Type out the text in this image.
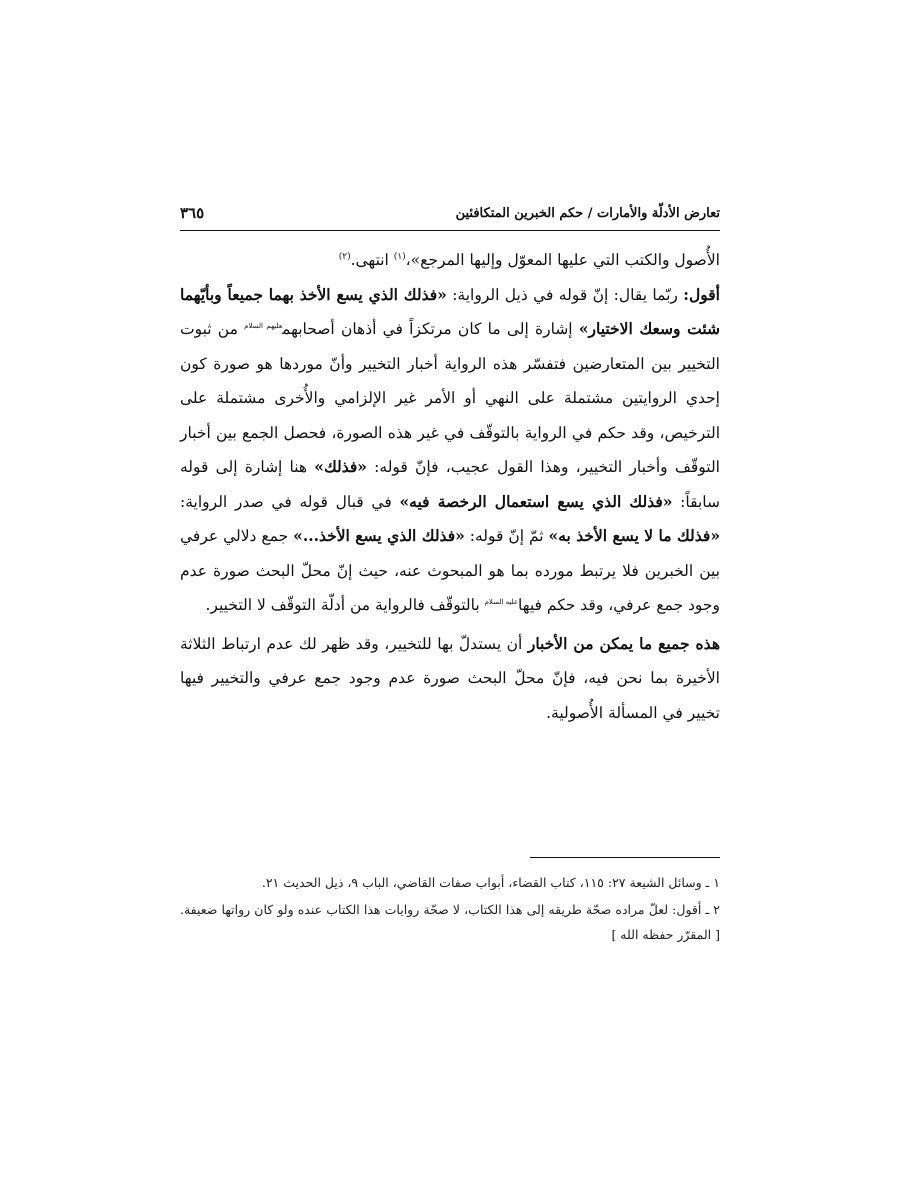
تعارض الأدلّة والأمارات / حكم الخبرين المتكافئين
٣٦٥

الأُصول والكتب التي عليها المعوّل وإليها المرجع»،$^{(١)}$ انتهى.$^{(٢)}$

أقول: ربّما يقال: إنّ قوله في ذيل الرواية: «فذلك الذي يسع الأخذ بهما جميعاً وبأيّهما شئت وسعك الاختيار» إشارة إلى ما كان مرتكزاً في أذهان أصحابهم$^{عليهم السلام}$ من ثبوت التخيير بين المتعارضين فتفسّر هذه الرواية أخبار التخيير وأنّ موردها هو صورة كون إحدي الروايتين مشتملة على النهي أو الأمر غير الإلزامي والأُخرى مشتملة على الترخيص، وقد حكم في الرواية بالتوقّف في غير هذه الصورة، فحصل الجمع بين أخبار التوقّف وأخبار التخيير، وهذا القول عجيب، فإنّ قوله: «فذلك» هنا إشارة إلى قوله سابقاً: «فذلك الذي يسع استعمال الرخصة فيه» في قبال قوله في صدر الرواية: «فذلك ما لا يسع الأخذ به» ثمّ إنّ قوله: «فذلك الذي يسع الأخذ...» جمع دلالي عرفي بين الخبرين فلا يرتبط مورده بما هو المبحوث عنه، حيث إنّ محلّ البحث صورة عدم وجود جمع عرفي، وقد حكم فيها$^{عليه السلام}$ بالتوقّف فالرواية من أدلّة التوقّف لا التخيير.

هذه جميع ما يمكن من الأخبار أن يستدلّ بها للتخيير، وقد ظهر لك عدم ارتباط الثلاثة الأخيرة بما نحن فيه، فإنّ محلّ البحث صورة عدم وجود جمع عرفي والتخيير فيها تخيير في المسألة الأُصولية.

١ ـ وسائل الشيعة ٢٧: ١١٥، كتاب القضاء، أبواب صفات القاضي، الباب ٩، ذيل الحديث ٢١.

٢ ـ أقول: لعلّ مراده صحّة طريقه إلى هذا الكتاب، لا صحّة روايات هذا الكتاب عنده ولو كان رواتها ضعيفة. [ المقرّر حفظه الله ]
